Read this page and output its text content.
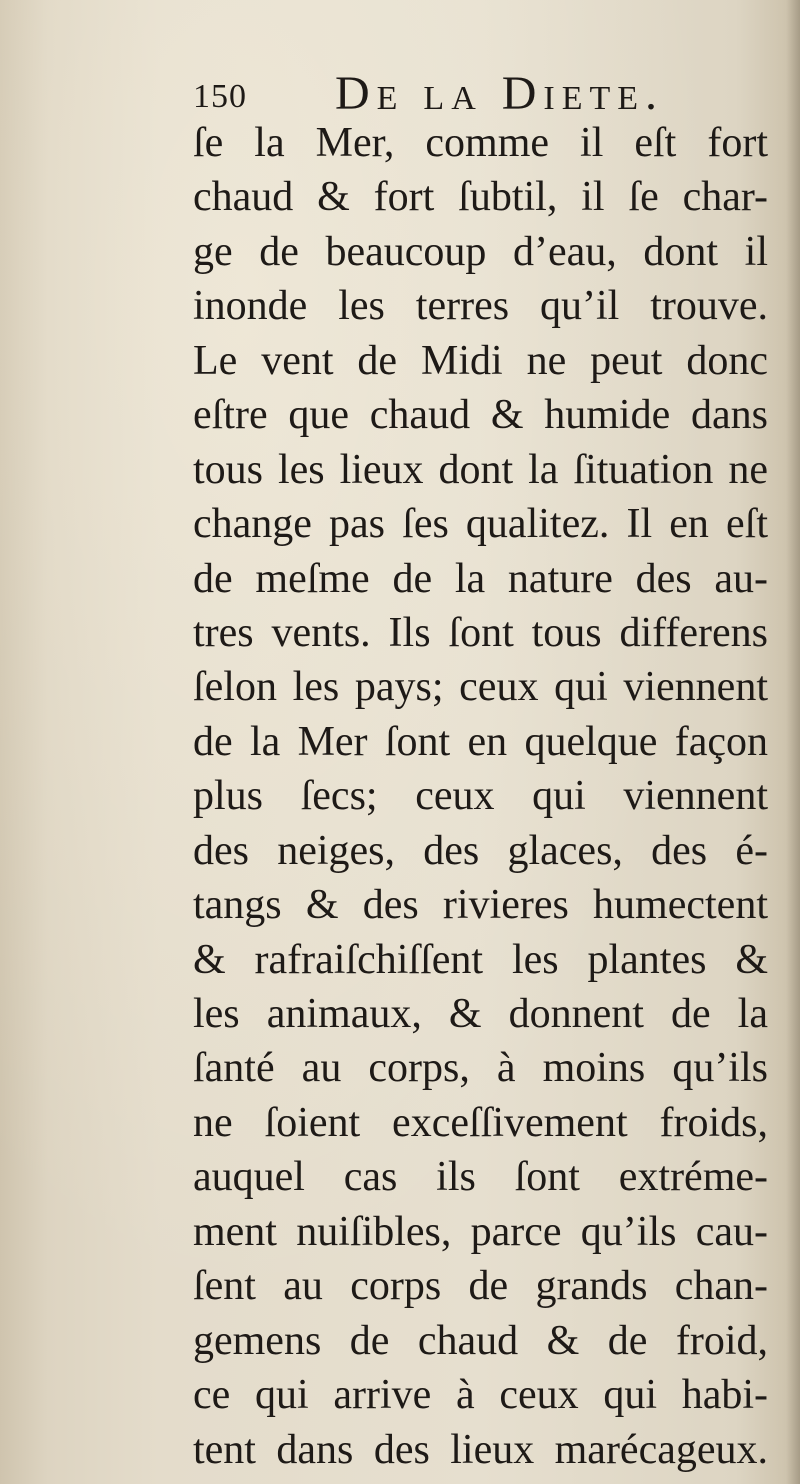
150 De la Diete.
ſe la Mer, comme il eſt fort
chaud & fort ſubtil, il ſe char-
ge de beaucoup d’eau, dont il
inonde les terres qu’il trouve.
Le vent de Midi ne peut donc
eſtre que chaud & humide dans
tous les lieux dont la ſituation ne
change pas ſes qualitez. Il en eſt
de meſme de la nature des au-
tres vents. Ils ſont tous differens
ſelon les pays; ceux qui viennent
de la Mer ſont en quelque façon
plus ſecs; ceux qui viennent
des neiges, des glaces, des é-
tangs & des rivieres humectent
& rafraiſchiſſent les plantes &
les animaux, & donnent de la
ſanté au corps, à moins qu’ils
ne ſoient exceſſivement froids,
auquel cas ils ſont extréme-
ment nuiſibles, parce qu’ils cau-
ſent au corps de grands chan-
gemens de chaud & de froid,
ce qui arrive à ceux qui habi-
tent dans des lieux marécageux.
